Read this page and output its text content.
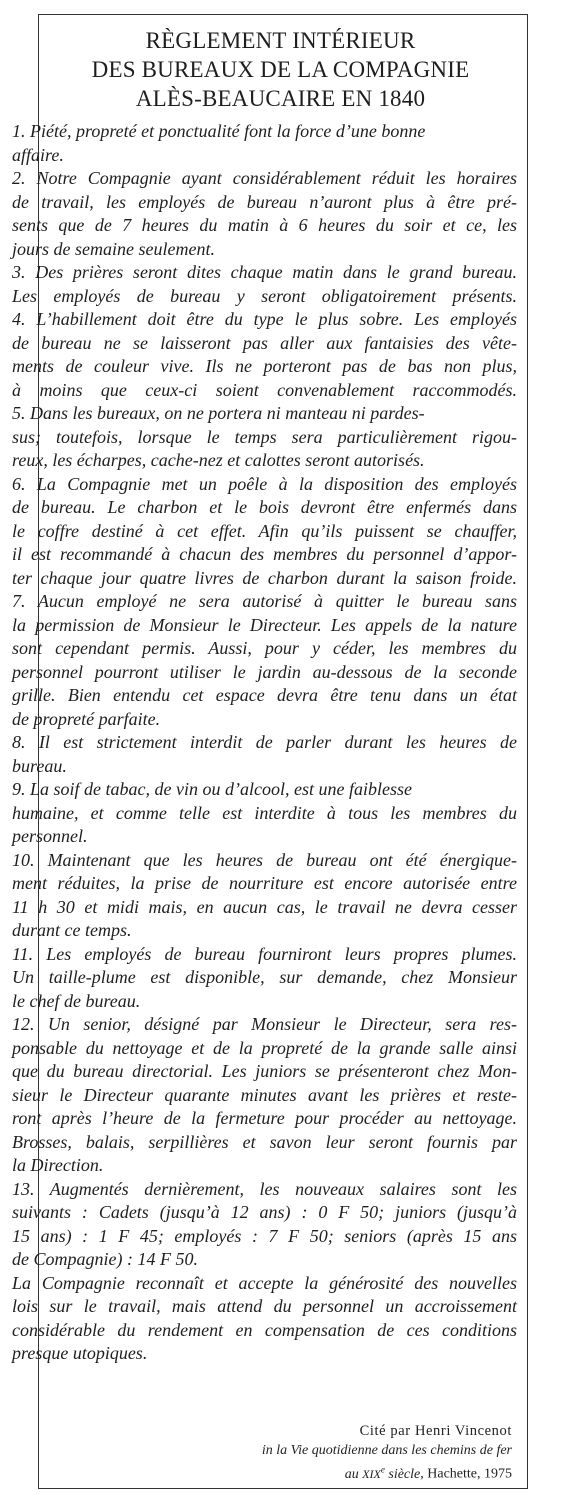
RÈGLEMENT INTÉRIEUR
DES BUREAUX DE LA COMPAGNIE
ALÈS-BEAUCAIRE EN 1840
1. Piété, propreté et ponctualité font la force d’une bonne
affaire.
2. Notre Compagnie ayant considérablement réduit les horaires
de travail, les employés de bureau n’auront plus à être pré-
sents que de 7 heures du matin à 6 heures du soir et ce, les
jours de semaine seulement.
3. Des prières seront dites chaque matin dans le grand bureau.
Les employés de bureau y seront obligatoirement présents.
4. L’habillement doit être du type le plus sobre. Les employés
de bureau ne se laisseront pas aller aux fantaisies des vête-
ments de couleur vive. Ils ne porteront pas de bas non plus,
à moins que ceux-ci soient convenablement raccommodés.
5. Dans les bureaux, on ne portera ni manteau ni pardes-
sus; toutefois, lorsque le temps sera particulièrement rigou-
reux, les écharpes, cache-nez et calottes seront autorisés.
6. La Compagnie met un poêle à la disposition des employés
de bureau. Le charbon et le bois devront être enfermés dans
le coffre destiné à cet effet. Afin qu’ils puissent se chauffer,
il est recommandé à chacun des membres du personnel d’appor-
ter chaque jour quatre livres de charbon durant la saison froide.
7. Aucun employé ne sera autorisé à quitter le bureau sans
la permission de Monsieur le Directeur. Les appels de la nature
sont cependant permis. Aussi, pour y céder, les membres du
personnel pourront utiliser le jardin au-dessous de la seconde
grille. Bien entendu cet espace devra être tenu dans un état
de propreté parfaite.
8. Il est strictement interdit de parler durant les heures de
bureau.
9. La soif de tabac, de vin ou d’alcool, est une faiblesse
humaine, et comme telle est interdite à tous les membres du
personnel.
10. Maintenant que les heures de bureau ont été énergique-
ment réduites, la prise de nourriture est encore autorisée entre
11 h 30 et midi mais, en aucun cas, le travail ne devra cesser
durant ce temps.
11. Les employés de bureau fourniront leurs propres plumes.
Un taille-plume est disponible, sur demande, chez Monsieur
le chef de bureau.
12. Un senior, désigné par Monsieur le Directeur, sera res-
ponsable du nettoyage et de la propreté de la grande salle ainsi
que du bureau directorial. Les juniors se présenteront chez Mon-
sieur le Directeur quarante minutes avant les prières et reste-
ront après l’heure de la fermeture pour procéder au nettoyage.
Brosses, balais, serpillières et savon leur seront fournis par
la Direction.
13. Augmentés dernièrement, les nouveaux salaires sont les
suivants : Cadets (jusqu’à 12 ans) : 0 F 50; juniors (jusqu’à
15 ans) : 1 F 45; employés : 7 F 50; seniors (après 15 ans
de Compagnie) : 14 F 50.
La Compagnie reconnaît et accepte la générosité des nouvelles
lois sur le travail, mais attend du personnel un accroissement
considérable du rendement en compensation de ces conditions
presque utopiques.
Cité par Henri Vincenot
in la Vie quotidienne dans les chemins de fer
au XIXe siècle, Hachette, 1975
